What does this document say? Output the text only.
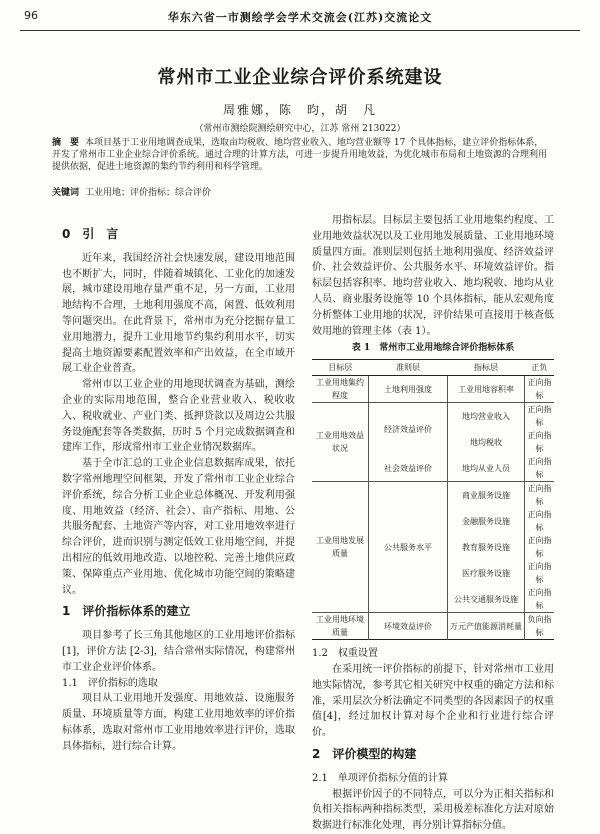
96	华东六省一市测绘学会学术交流会(江苏)交流论文
常州市工业企业综合评价系统建设
周雅娜，陈　昀，胡　凡
（常州市测绘院测绘研究中心，江苏 常州 213022）
摘　要 本项目基于工业用地调查成果，选取亩均税收、地均营业收入、地均营业额等 17 个具体指标，建立评价指标体系，开发了常州市工业企业综合评价系统。通过合理的计算方法，可进一步提升用地效益，为优化城市布局和土地资源的合理利用提供依据，促进土地资源的集约节约利用和科学管理。
关键词 工业用地；评价指标；综合评价
0　引　言

近年来，我国经济社会快速发展，建设用地范围也不断扩大，同时，伴随着城镇化、工业化的加速发展，城市建设用地存量严重不足，另一方面，工业用地结构不合理，土地利用强度不高，闲置、低效利用等问题突出。在此背景下，常州市为充分挖掘存量工业用地潜力，提升工业用地节约集约利用水平，切实提高土地资源要素配置效率和产出效益，在全市域开展工业企业普查。

常州市以工业企业的用地现状调查为基础，测绘企业的实际用地范围，整合企业营业收入、税收收入、税收就业、产业门类、抵押贷款以及周边公共服务设施配套等各类数据，历时 5 个月完成数据调查和建库工作，形成常州市工业企业情况数据库。

基于全市汇总的工业企业信息数据库成果，依托数字常州地理空间框架，开发了常州市工业企业综合评价系统，综合分析工业企业总体概况、开发利用强度、用地效益（经济、社会）、亩产指标、用地、公共服务配套、土地资产等内容，对工业用地效率进行综合评价，进而识别与测定低效工业用地空间，并提出相应的低效用地改造、以地控税、完善土地供应政策、保障重点产业用地、优化城市功能空间的策略建议。

1　评价指标体系的建立

项目参考了长三角其他地区的工业用地评价指标 [1]，评价方法 [2-3]，结合常州实际情况，构建常州市工业企业评价体系。

1.1　评价指标的选取

项目从工业用地开发强度、用地效益、设施服务质量、环境质量等方面，构建工业用地效率的评价指标体系，选取对常州市工业用地效率进行评价，选取具体指标，进行综合计算。

用指标层。目标层主要包括工业用地集约程度、工业用地效益状况以及工业用地发展质量、工业用地环境质量四方面。准则层则包括土地利用强度、经济效益评价、社会效益评价、公共服务水平、环境效益评价。指标层包括容积率、地均营业收入、地均税收、地均从业人员、商业服务设施等 10 个具体指标，能从宏观角度分析整体工业用地的状况，评价结果可直接用于核查低效用地的管理主体（表 1）。

表 1　常州市工业用地综合评价指标体系
目标层	准则层	指标层	正负
工业用地集约程度	土地利用强度	工业用地容积率	正向指标
工业用地效益状况	经济效益评价	地均营业收入	正向指标
		地均税收	正向指标
	社会效益评价	地均从业人员	正向指标
工业用地发展质量	公共服务水平	商业服务设施	正向指标
		金融服务设施	正向指标
		教育服务设施	正向指标
		医疗服务设施	正向指标
		公共交通服务设施	正向指标
工业用地环境质量	环境效益评价	万元产值能源消耗量	负向指标

1.2　权重设置

在采用统一评价指标的前提下，针对常州市工业用地实际情况，参考其它相关研究中权重的确定方法和标准，采用层次分析法确定不同类型的各因素因子的权重值[4]，经过加权计算对每个企业和行业进行综合评价。

2　评价模型的构建

2.1　单项评价指标分值的计算

根据评价因子的不同特点，可以分为正相关指标和负相关指标两种指标类型，采用极差标准化方法对原始数据进行标准化处理，再分别计算指标分值。
